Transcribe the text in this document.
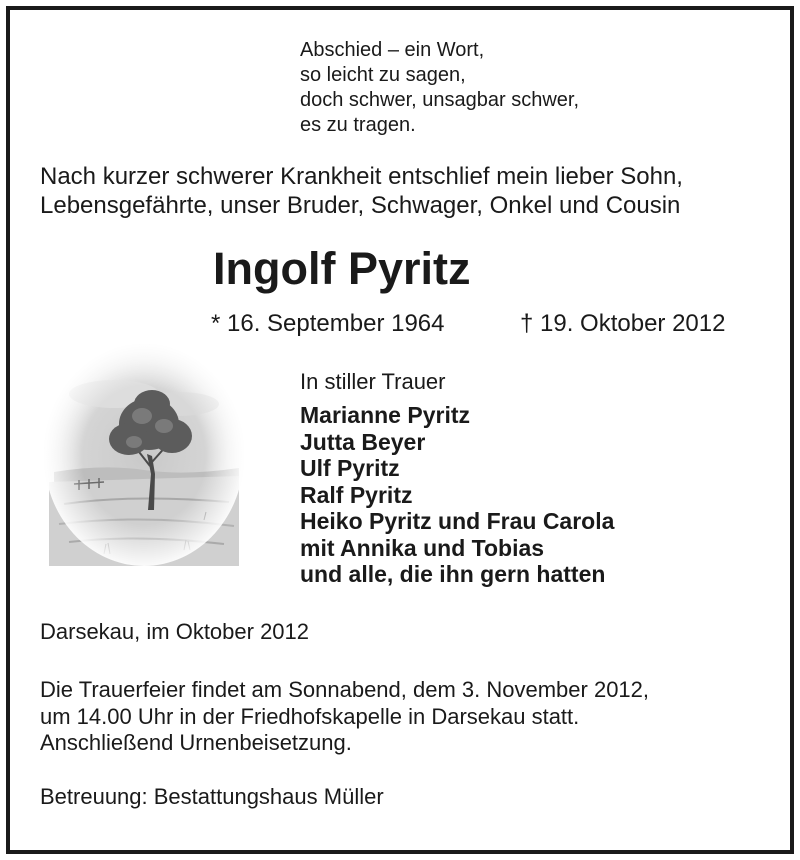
Abschied – ein Wort,
so leicht zu sagen,
doch schwer, unsagbar schwer,
es zu tragen.
Nach kurzer schwerer Krankheit entschlief mein lieber Sohn,
Lebensgefährte, unser Bruder, Schwager, Onkel und Cousin
Ingolf Pyritz
* 16. September 1964	† 19. Oktober 2012
In stiller Trauer
Marianne Pyritz
Jutta Beyer
Ulf Pyritz
Ralf Pyritz
Heiko Pyritz und Frau Carola
mit Annika und Tobias
und alle, die ihn gern hatten
Darsekau, im Oktober 2012
Die Trauerfeier findet am Sonnabend, dem 3. November 2012,
um 14.00 Uhr in der Friedhofskapelle in Darsekau statt.
Anschließend Urnenbeisetzung.
Betreuung: Bestattungshaus Müller
